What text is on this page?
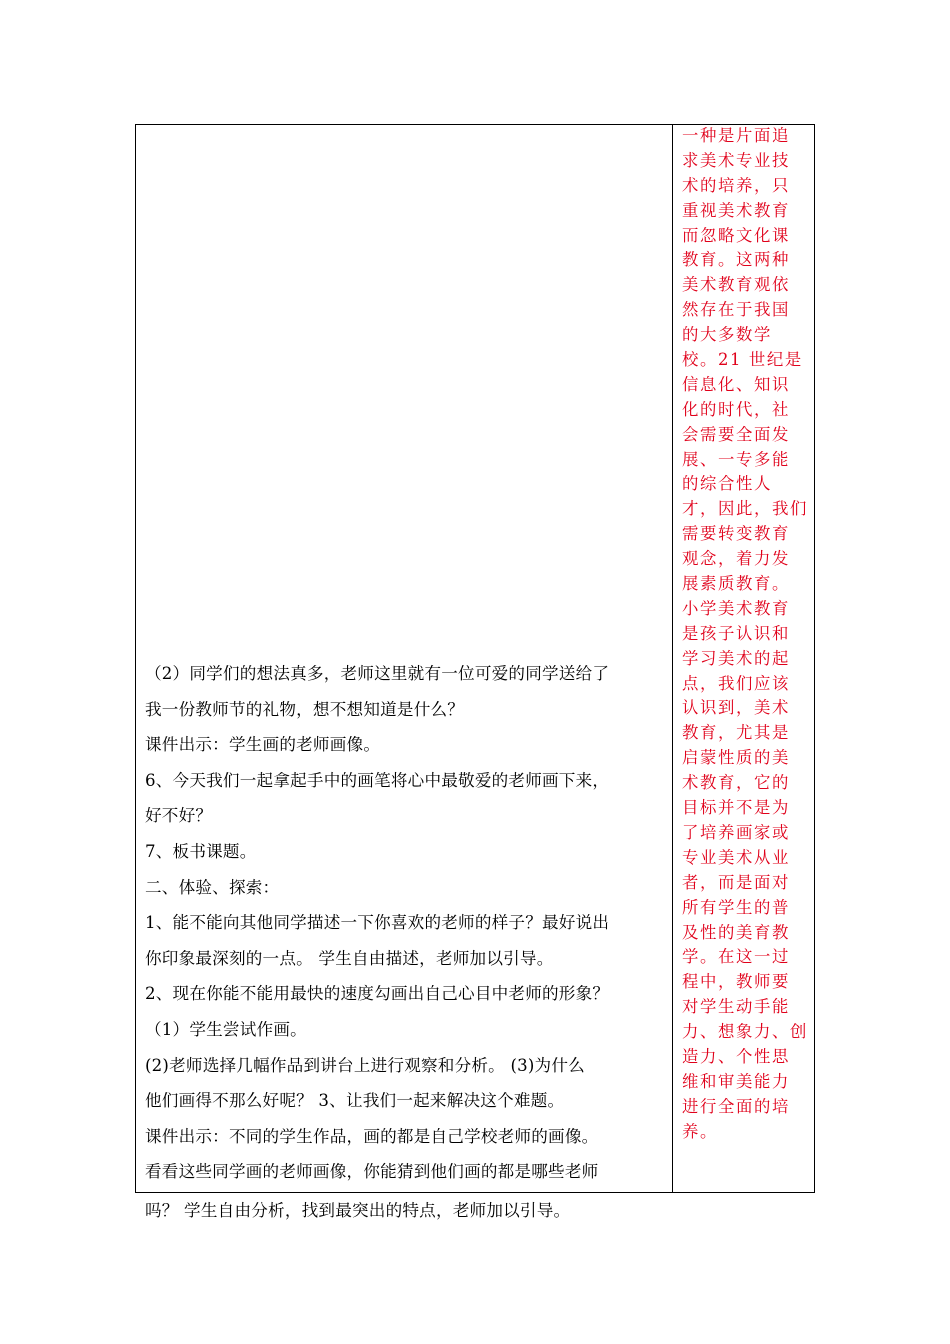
（2）同学们的想法真多，老师这里就有一位可爱的同学送给了
我一份教师节的礼物，想不想知道是什么？
课件出示：学生画的老师画像。
6、今天我们一起拿起手中的画笔将心中最敬爱的老师画下来，
好不好？
7、板书课题。
二、体验、探索：
1、能不能向其他同学描述一下你喜欢的老师的样子？最好说出
你印象最深刻的一点。 学生自由描述，老师加以引导。
2、现在你能不能用最快的速度勾画出自己心目中老师的形象？
（1）学生尝试作画。
(2)老师选择几幅作品到讲台上进行观察和分析。 (3)为什么
他们画得不那么好呢？ 3、让我们一起来解决这个难题。
课件出示：不同的学生作品，画的都是自己学校老师的画像。
看看这些同学画的老师画像，你能猜到他们画的都是哪些老师
吗？ 学生自由分析，找到最突出的特点，老师加以引导。
一种是片面追
求美术专业技
术的培养，只
重视美术教育
而忽略文化课
教育。这两种
美术教育观依
然存在于我国
的大多数学
校。21 世纪是
信息化、知识
化的时代，社
会需要全面发
展、一专多能
的综合性人
才，因此，我们
需要转变教育
观念，着力发
展素质教育。
小学美术教育
是孩子认识和
学习美术的起
点，我们应该
认识到，美术
教育，尤其是
启蒙性质的美
术教育，它的
目标并不是为
了培养画家或
专业美术从业
者，而是面对
所有学生的普
及性的美育教
学。在这一过
程中，教师要
对学生动手能
力、想象力、创
造力、个性思
维和审美能力
进行全面的培
养。
